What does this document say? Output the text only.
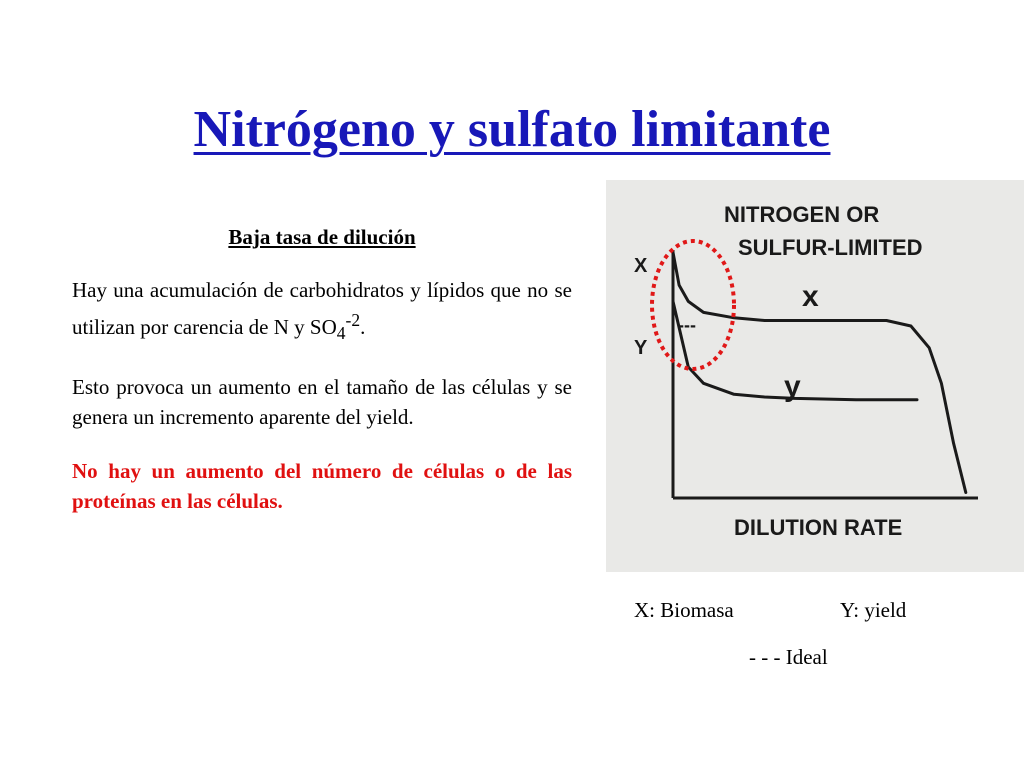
Nitrógeno y sulfato limitante

Baja tasa de dilución

Hay una acumulación de carbohidratos y lípidos que no se utilizan por carencia de N y $SO_4^{-2}$.

Esto provoca un aumento en el tamaño de las células y se genera un incremento aparente del yield.

No hay un aumento del número de células o de las proteínas en las células.

NITROGEN OR
SULFUR-LIMITED
X
Y
DILUTION RATE
---
x
y
X: Biomasa	Y: yield
- - - Ideal
